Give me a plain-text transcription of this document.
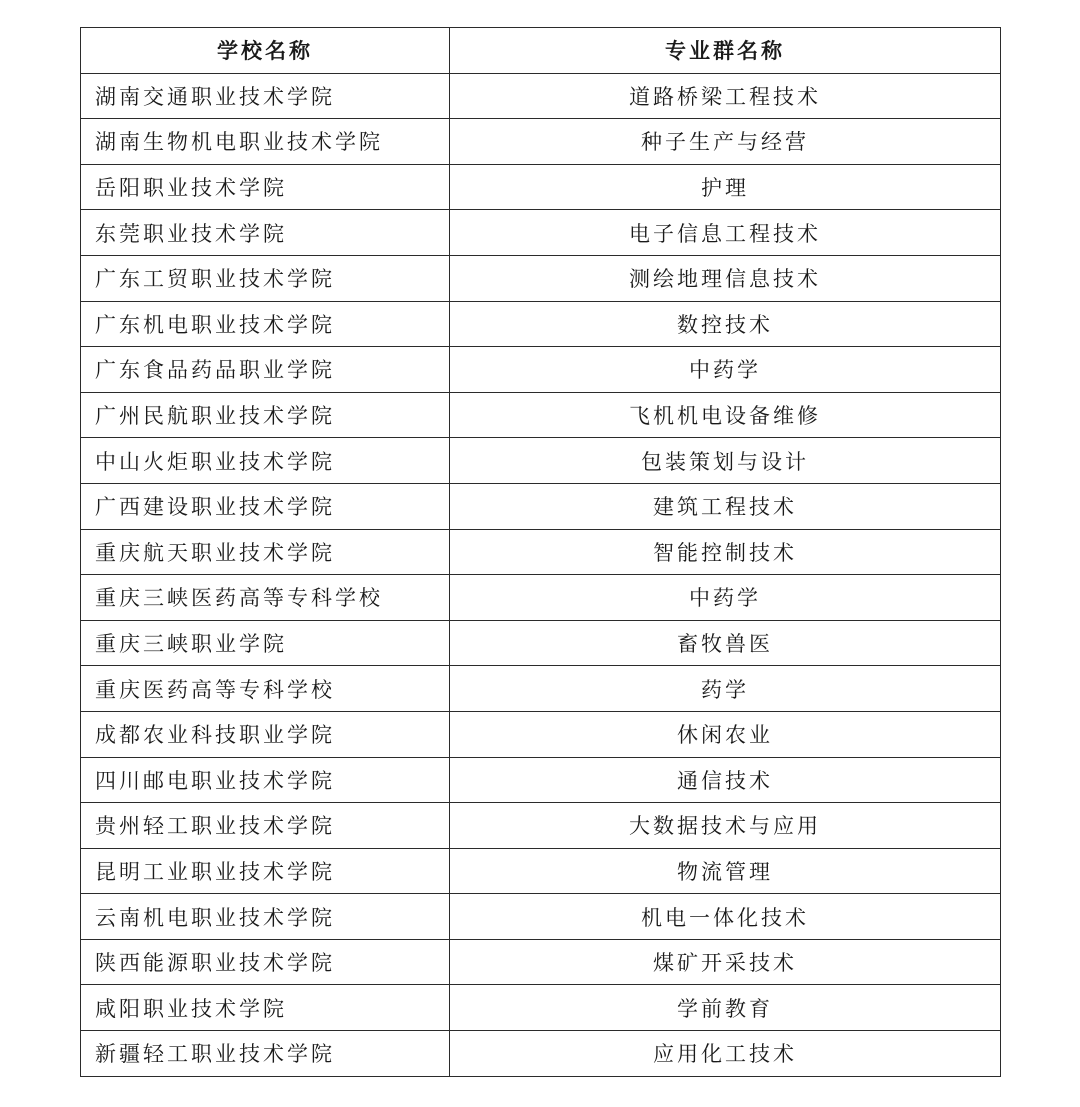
学校名称	专业群名称
湖南交通职业技术学院	道路桥梁工程技术
湖南生物机电职业技术学院	种子生产与经营
岳阳职业技术学院	护理
东莞职业技术学院	电子信息工程技术
广东工贸职业技术学院	测绘地理信息技术
广东机电职业技术学院	数控技术
广东食品药品职业学院	中药学
广州民航职业技术学院	飞机机电设备维修
中山火炬职业技术学院	包装策划与设计
广西建设职业技术学院	建筑工程技术
重庆航天职业技术学院	智能控制技术
重庆三峡医药高等专科学校	中药学
重庆三峡职业学院	畜牧兽医
重庆医药高等专科学校	药学
成都农业科技职业学院	休闲农业
四川邮电职业技术学院	通信技术
贵州轻工职业技术学院	大数据技术与应用
昆明工业职业技术学院	物流管理
云南机电职业技术学院	机电一体化技术
陕西能源职业技术学院	煤矿开采技术
咸阳职业技术学院	学前教育
新疆轻工职业技术学院	应用化工技术
